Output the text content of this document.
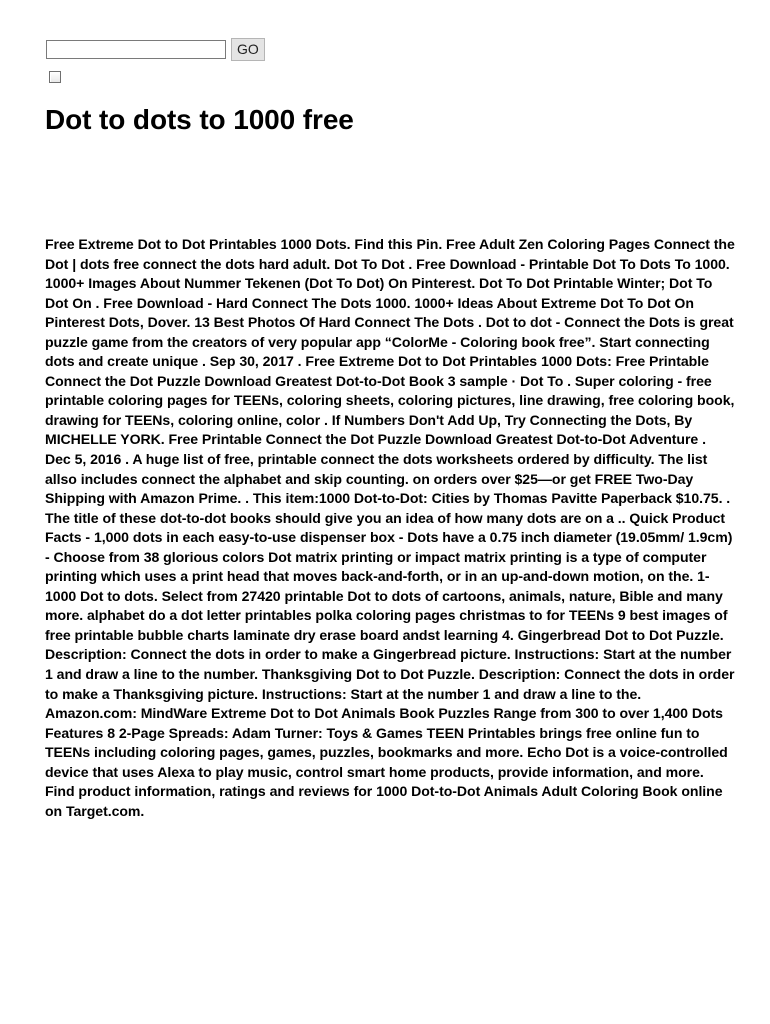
GO
Dot to dots to 1000 free

Free Extreme Dot to Dot Printables 1000 Dots. Find this Pin. Free Adult Zen Coloring Pages Connect the Dot | dots free connect the dots hard adult. Dot To Dot . Free Download - Printable Dot To Dots To 1000. 1000+ Images About Nummer Tekenen (Dot To Dot) On Pinterest. Dot To Dot Printable Winter; Dot To Dot On . Free Download - Hard Connect The Dots 1000. 1000+ Ideas About Extreme Dot To Dot On Pinterest Dots, Dover. 13 Best Photos Of Hard Connect The Dots . Dot to dot - Connect the Dots is great puzzle game from the creators of very popular app “ColorMe - Coloring book free”. Start connecting dots and create unique . Sep 30, 2017 . Free Extreme Dot to Dot Printables 1000 Dots: Free Printable Connect the Dot Puzzle Download Greatest Dot-to-Dot Book 3 sample · Dot To . Super coloring - free printable coloring pages for TEENs, coloring sheets, coloring pictures, line drawing, free coloring book, drawing for TEENs, coloring online, color . If Numbers Don't Add Up, Try Connecting the Dots, By MICHELLE YORK. Free Printable Connect the Dot Puzzle Download Greatest Dot-to-Dot Adventure . Dec 5, 2016 . A huge list of free, printable connect the dots worksheets ordered by difficulty. The list allso includes connect the alphabet and skip counting. on orders over $25—or get FREE Two-Day Shipping with Amazon Prime. . This item:1000 Dot-to-Dot: Cities by Thomas Pavitte Paperback $10.75. . The title of these dot-to-dot books should give you an idea of how many dots are on a .. Quick Product Facts - 1,000 dots in each easy-to-use dispenser box - Dots have a 0.75 inch diameter (19.05mm/ 1.9cm) - Choose from 38 glorious colors Dot matrix printing or impact matrix printing is a type of computer printing which uses a print head that moves back-and-forth, or in an up-and-down motion, on the. 1-1000 Dot to dots. Select from 27420 printable Dot to dots of cartoons, animals, nature, Bible and many more. alphabet do a dot letter printables polka coloring pages christmas to for TEENs 9 best images of free printable bubble charts laminate dry erase board andst learning 4. Gingerbread Dot to Dot Puzzle. Description: Connect the dots in order to make a Gingerbread picture. Instructions: Start at the number 1 and draw a line to the number. Thanksgiving Dot to Dot Puzzle. Description: Connect the dots in order to make a Thanksgiving picture. Instructions: Start at the number 1 and draw a line to the. Amazon.com: MindWare Extreme Dot to Dot Animals Book Puzzles Range from 300 to over 1,400 Dots Features 8 2-Page Spreads: Adam Turner: Toys & Games TEEN Printables brings free online fun to TEENs including coloring pages, games, puzzles, bookmarks and more. Echo Dot is a voice-controlled device that uses Alexa to play music, control smart home products, provide information, and more. Find product information, ratings and reviews for 1000 Dot-to-Dot Animals Adult Coloring Book online on Target.com.
